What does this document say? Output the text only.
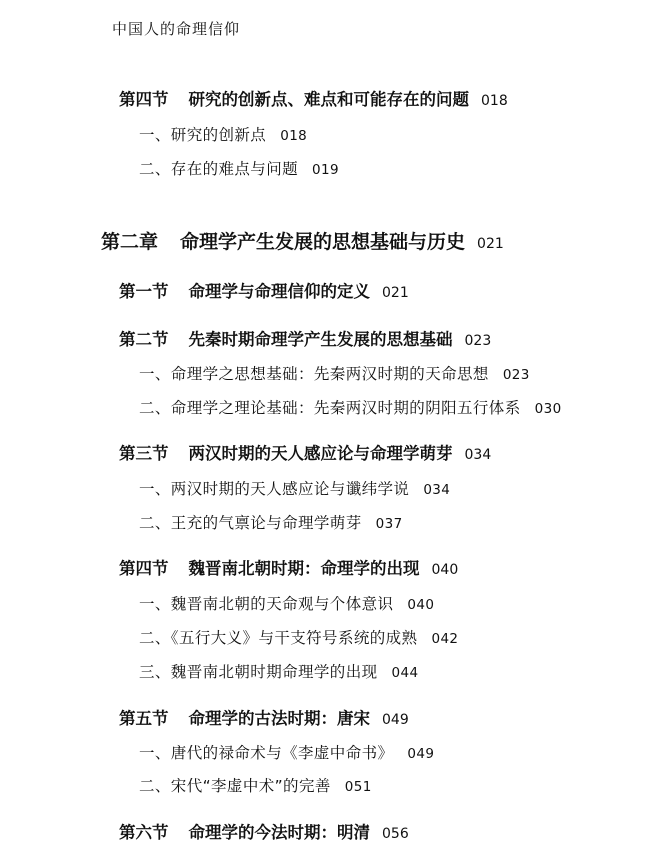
中国人的命理信仰
第四节 研究的创新点、难点和可能存在的问题 018
一、研究的创新点 018
二、存在的难点与问题 019
第二章 命理学产生发展的思想基础与历史 021
第一节 命理学与命理信仰的定义 021
第二节 先秦时期命理学产生发展的思想基础 023
一、命理学之思想基础：先秦两汉时期的天命思想 023
二、命理学之理论基础：先秦两汉时期的阴阳五行体系 030
第三节 两汉时期的天人感应论与命理学萌芽 034
一、两汉时期的天人感应论与谶纬学说 034
二、王充的气禀论与命理学萌芽 037
第四节 魏晋南北朝时期：命理学的出现 040
一、魏晋南北朝的天命观与个体意识 040
二、《五行大义》与干支符号系统的成熟 042
三、魏晋南北朝时期命理学的出现 044
第五节 命理学的古法时期：唐宋 049
一、唐代的禄命术与《李虚中命书》 049
二、宋代“李虚中术”的完善 051
第六节 命理学的今法时期：明清 056
